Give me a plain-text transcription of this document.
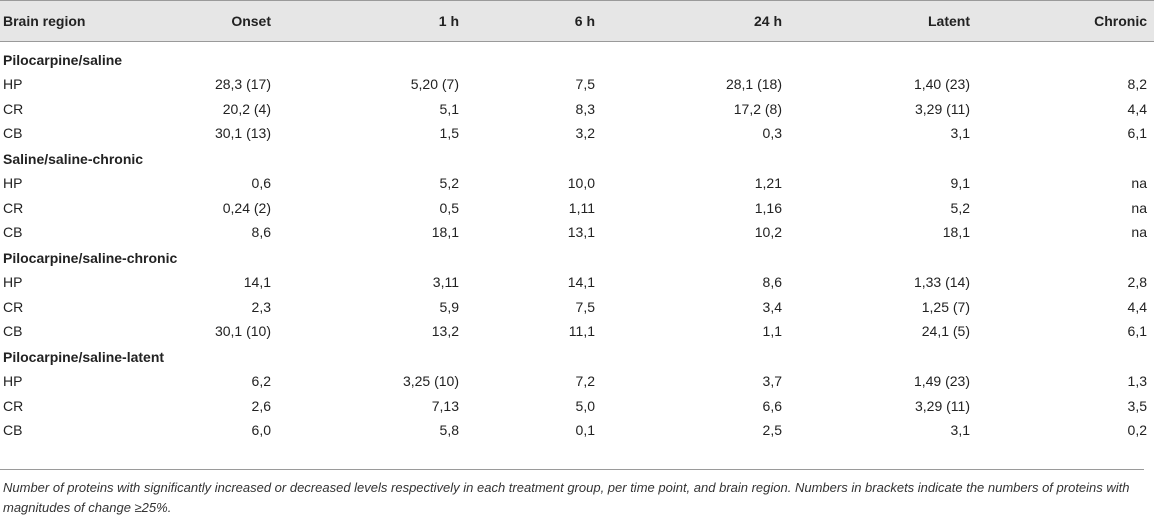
Brain region	Onset	1 h	6 h	24 h	Latent	Chronic

Pilocarpine/saline						
HP	28,3 (17)	5,20 (7)	7,5	28,1 (18)	1,40 (23)	8,2
CR	20,2 (4)	5,1	8,3	17,2 (8)	3,29 (11)	4,4
CB	30,1 (13)	1,5	3,2	0,3	3,1	6,1
Saline/saline-chronic						
HP	0,6	5,2	10,0	1,21	9,1	na
CR	0,24 (2)	0,5	1,11	1,16	5,2	na
CB	8,6	18,1	13,1	10,2	18,1	na
Pilocarpine/saline-chronic						
HP	14,1	3,11	14,1	8,6	1,33 (14)	2,8
CR	2,3	5,9	7,5	3,4	1,25 (7)	4,4
CB	30,1 (10)	13,2	11,1	1,1	24,1 (5)	6,1
Pilocarpine/saline-latent						
HP	6,2	3,25 (10)	7,2	3,7	1,49 (23)	1,3
CR	2,6	7,13	5,0	6,6	3,29 (11)	3,5
CB	6,0	5,8	0,1	2,5	3,1	0,2

Number of proteins with significantly increased or decreased levels respectively in each treatment group, per time point, and brain region. Numbers in brackets indicate the numbers of proteins with magnitudes of change ≥25%.
